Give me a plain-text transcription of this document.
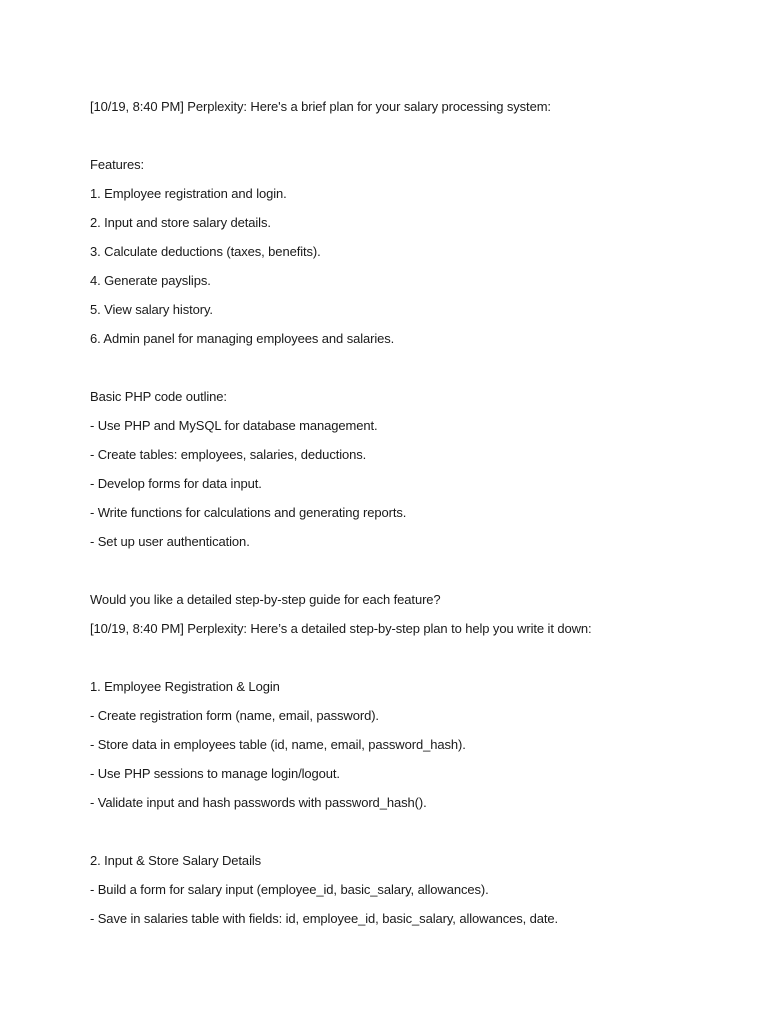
[10/19, 8:40 PM] Perplexity: Here's a brief plan for your salary processing system:
Features:
1. Employee registration and login.
2. Input and store salary details.
3. Calculate deductions (taxes, benefits).
4. Generate payslips.
5. View salary history.
6. Admin panel for managing employees and salaries.
Basic PHP code outline:
- Use PHP and MySQL for database management.
- Create tables: employees, salaries, deductions.
- Develop forms for data input.
- Write functions for calculations and generating reports.
- Set up user authentication.
Would you like a detailed step-by-step guide for each feature?
[10/19, 8:40 PM] Perplexity: Here’s a detailed step-by-step plan to help you write it down:
1. Employee Registration & Login
- Create registration form (name, email, password).
- Store data in employees table (id, name, email, password_hash).
- Use PHP sessions to manage login/logout.
- Validate input and hash passwords with password_hash().
2. Input & Store Salary Details
- Build a form for salary input (employee_id, basic_salary, allowances).
- Save in salaries table with fields: id, employee_id, basic_salary, allowances, date.
